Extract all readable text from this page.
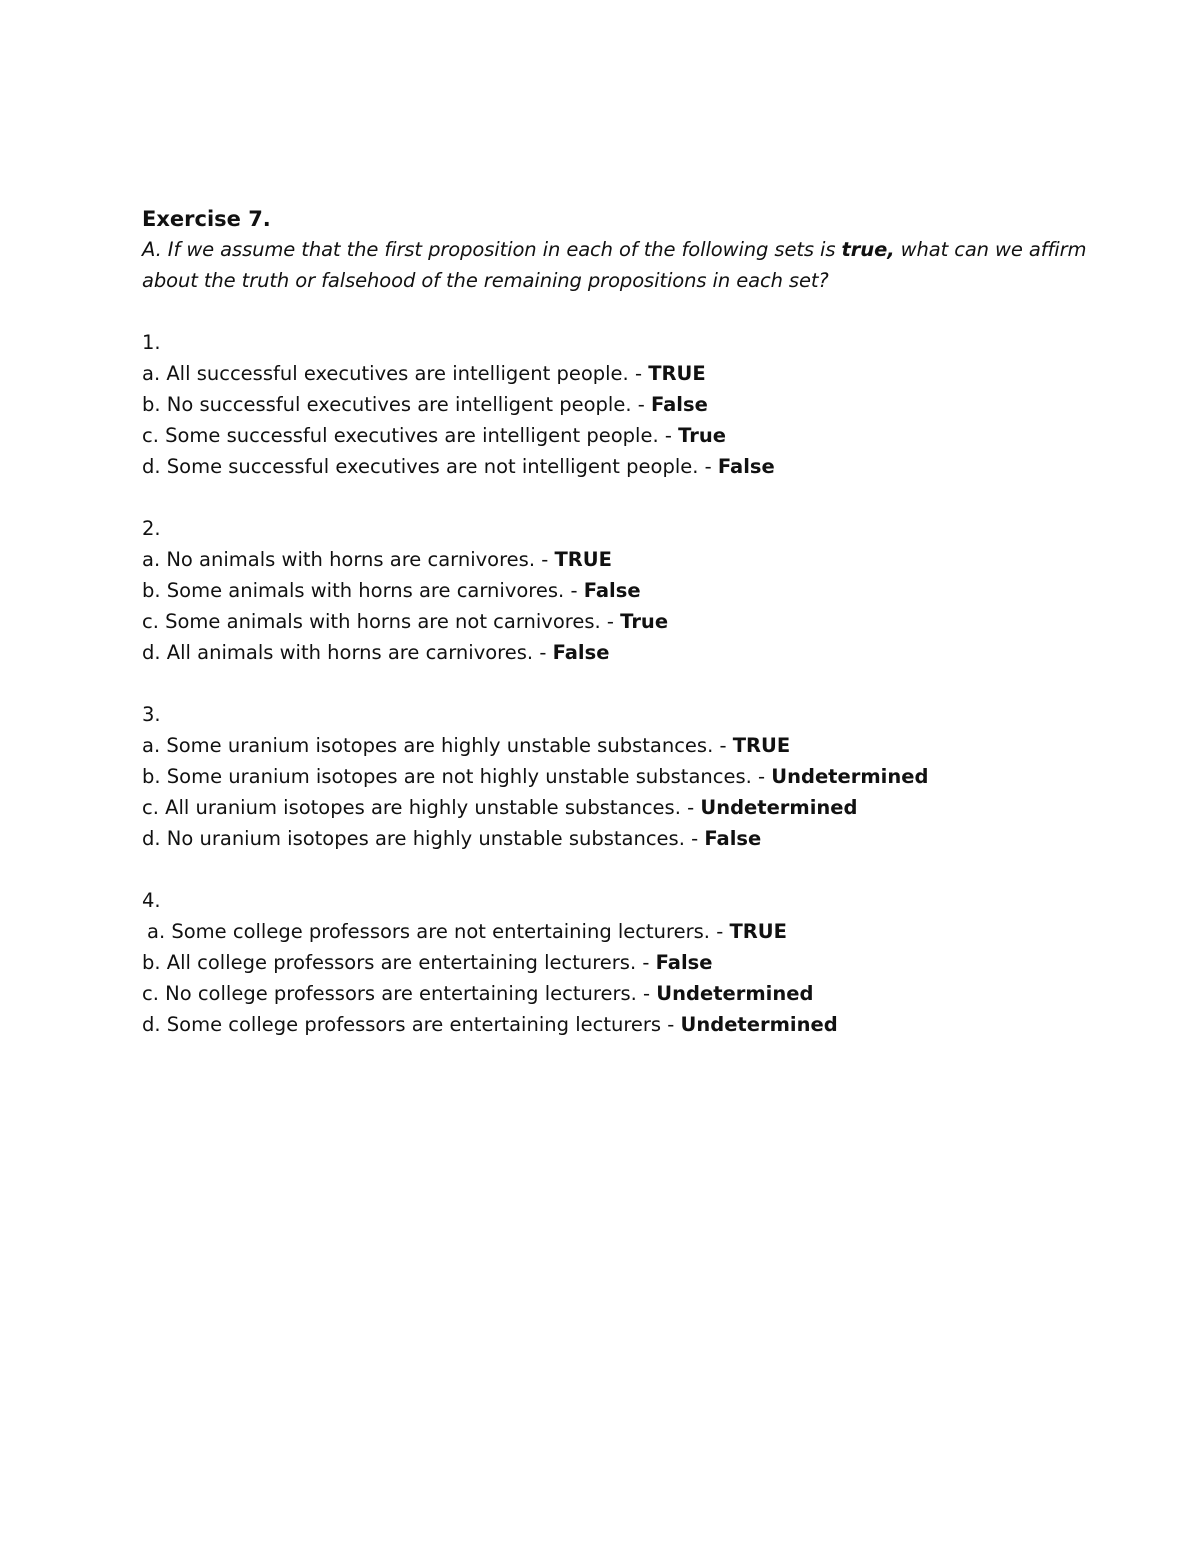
Exercise 7.

A. If we assume that the first proposition in each of the following sets is true, what can we affirm about the truth or falsehood of the remaining propositions in each set?

1.

a. All successful executives are intelligent people. - TRUE

b. No successful executives are intelligent people. - False

c. Some successful executives are intelligent people. - True

d. Some successful executives are not intelligent people. - False

2.

a. No animals with horns are carnivores. - TRUE

b. Some animals with horns are carnivores. - False

c. Some animals with horns are not carnivores. - True

d. All animals with horns are carnivores. - False

3.

a. Some uranium isotopes are highly unstable substances. - TRUE

b. Some uranium isotopes are not highly unstable substances. - Undetermined

c. All uranium isotopes are highly unstable substances. - Undetermined

d. No uranium isotopes are highly unstable substances. - False

4.

a. Some college professors are not entertaining lecturers. - TRUE

b. All college professors are entertaining lecturers. - False

c. No college professors are entertaining lecturers. - Undetermined

d. Some college professors are entertaining lecturers - Undetermined
